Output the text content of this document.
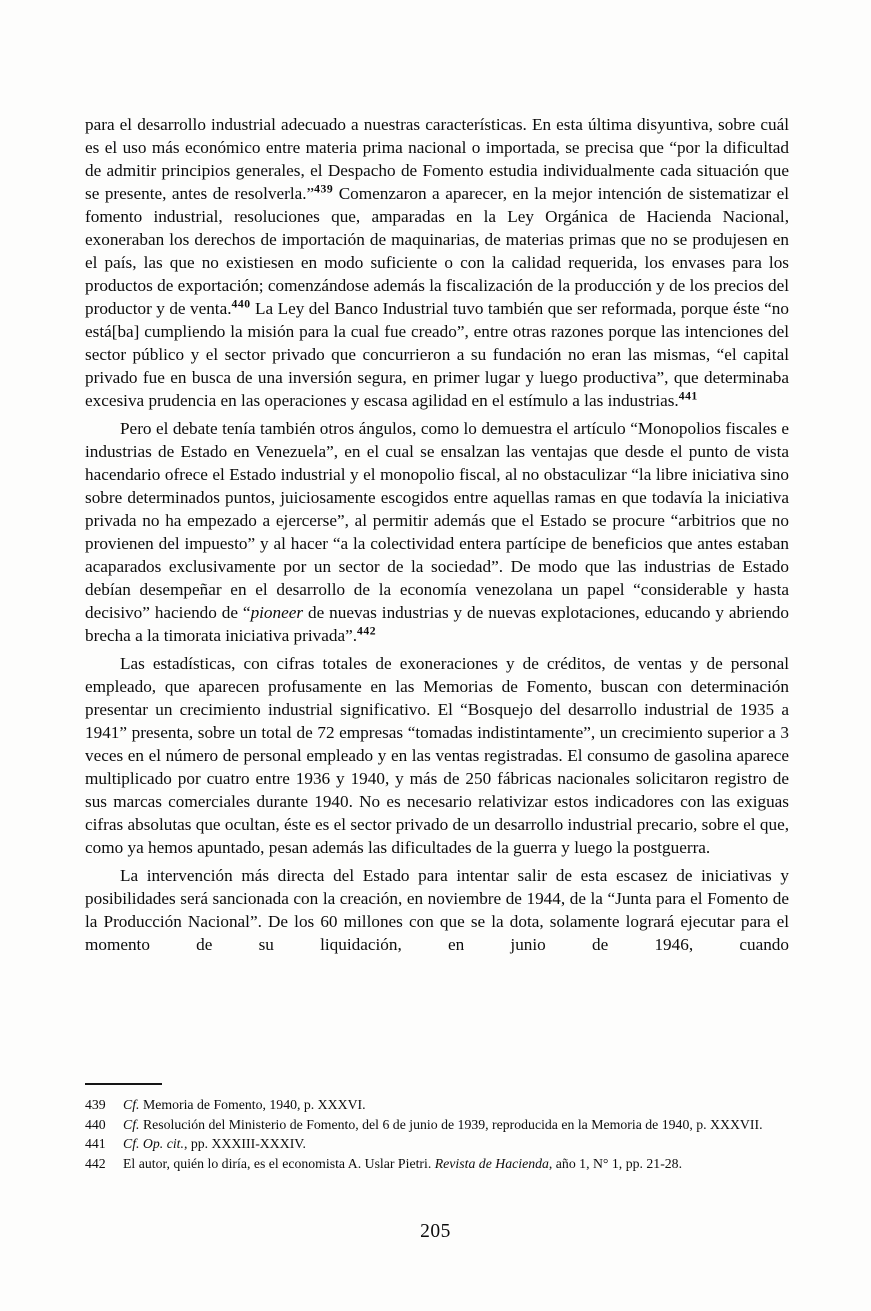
para el desarrollo industrial adecuado a nuestras características. En esta última disyuntiva, sobre cuál es el uso más económico entre materia prima nacional o importada, se precisa que “por la dificultad de admitir principios generales, el Despacho de Fomento estudia individualmente cada situación que se presente, antes de resolverla.”$^{439}$ Comenzaron a aparecer, en la mejor intención de sistematizar el fomento industrial, resoluciones que, amparadas en la Ley Orgánica de Hacienda Nacional, exoneraban los derechos de importación de maquinarias, de materias primas que no se produjesen en el país, las que no existiesen en modo suficiente o con la calidad requerida, los envases para los productos de exportación; comenzándose además la fiscalización de la producción y de los precios del productor y de venta.$^{440}$ La Ley del Banco Industrial tuvo también que ser reformada, porque éste “no está[ba] cumpliendo la misión para la cual fue creado”, entre otras razones porque las intenciones del sector público y el sector privado que concurrieron a su fundación no eran las mismas, “el capital privado fue en busca de una inversión segura, en primer lugar y luego productiva”, que determinaba excesiva prudencia en las operaciones y escasa agilidad en el estímulo a las industrias.$^{441}$

Pero el debate tenía también otros ángulos, como lo demuestra el artículo “Monopolios fiscales e industrias de Estado en Venezuela”, en el cual se ensalzan las ventajas que desde el punto de vista hacendario ofrece el Estado industrial y el monopolio fiscal, al no obstaculizar “la libre iniciativa sino sobre determinados puntos, juiciosamente escogidos entre aquellas ramas en que todavía la iniciativa privada no ha empezado a ejercerse”, al permitir además que el Estado se procure “arbitrios que no provienen del impuesto” y al hacer “a la colectividad entera partícipe de beneficios que antes estaban acaparados exclusivamente por un sector de la sociedad”. De modo que las industrias de Estado debían desempeñar en el desarrollo de la economía venezolana un papel “considerable y hasta decisivo” haciendo de “pioneer de nuevas industrias y de nuevas explotaciones, educando y abriendo brecha a la timorata iniciativa privada”.$^{442}$

Las estadísticas, con cifras totales de exoneraciones y de créditos, de ventas y de personal empleado, que aparecen profusamente en las Memorias de Fomento, buscan con determinación presentar un crecimiento industrial significativo. El “Bosquejo del desarrollo industrial de 1935 a 1941” presenta, sobre un total de 72 empresas “tomadas indistintamente”, un crecimiento superior a 3 veces en el número de personal empleado y en las ventas registradas. El consumo de gasolina aparece multiplicado por cuatro entre 1936 y 1940, y más de 250 fábricas nacionales solicitaron registro de sus marcas comerciales durante 1940. No es necesario relativizar estos indicadores con las exiguas cifras absolutas que ocultan, éste es el sector privado de un desarrollo industrial precario, sobre el que, como ya hemos apuntado, pesan además las dificultades de la guerra y luego la postguerra.

La intervención más directa del Estado para intentar salir de esta escasez de iniciativas y posibilidades será sancionada con la creación, en noviembre de 1944, de la “Junta para el Fomento de la Producción Nacional”. De los 60 millones con que se la dota, solamente logrará ejecutar para el momento de su liquidación, en junio de 1946, cuando

439	Cf. Memoria de Fomento, 1940, p. XXXVI.
440	Cf. Resolución del Ministerio de Fomento, del 6 de junio de 1939, reproducida en la Memoria de 1940, p. XXXVII.
441	Cf. Op. cit., pp. XXXIII-XXXIV.
442	El autor, quién lo diría, es el economista A. Uslar Pietri. Revista de Hacienda, año 1, N° 1, pp. 21-28.
205
